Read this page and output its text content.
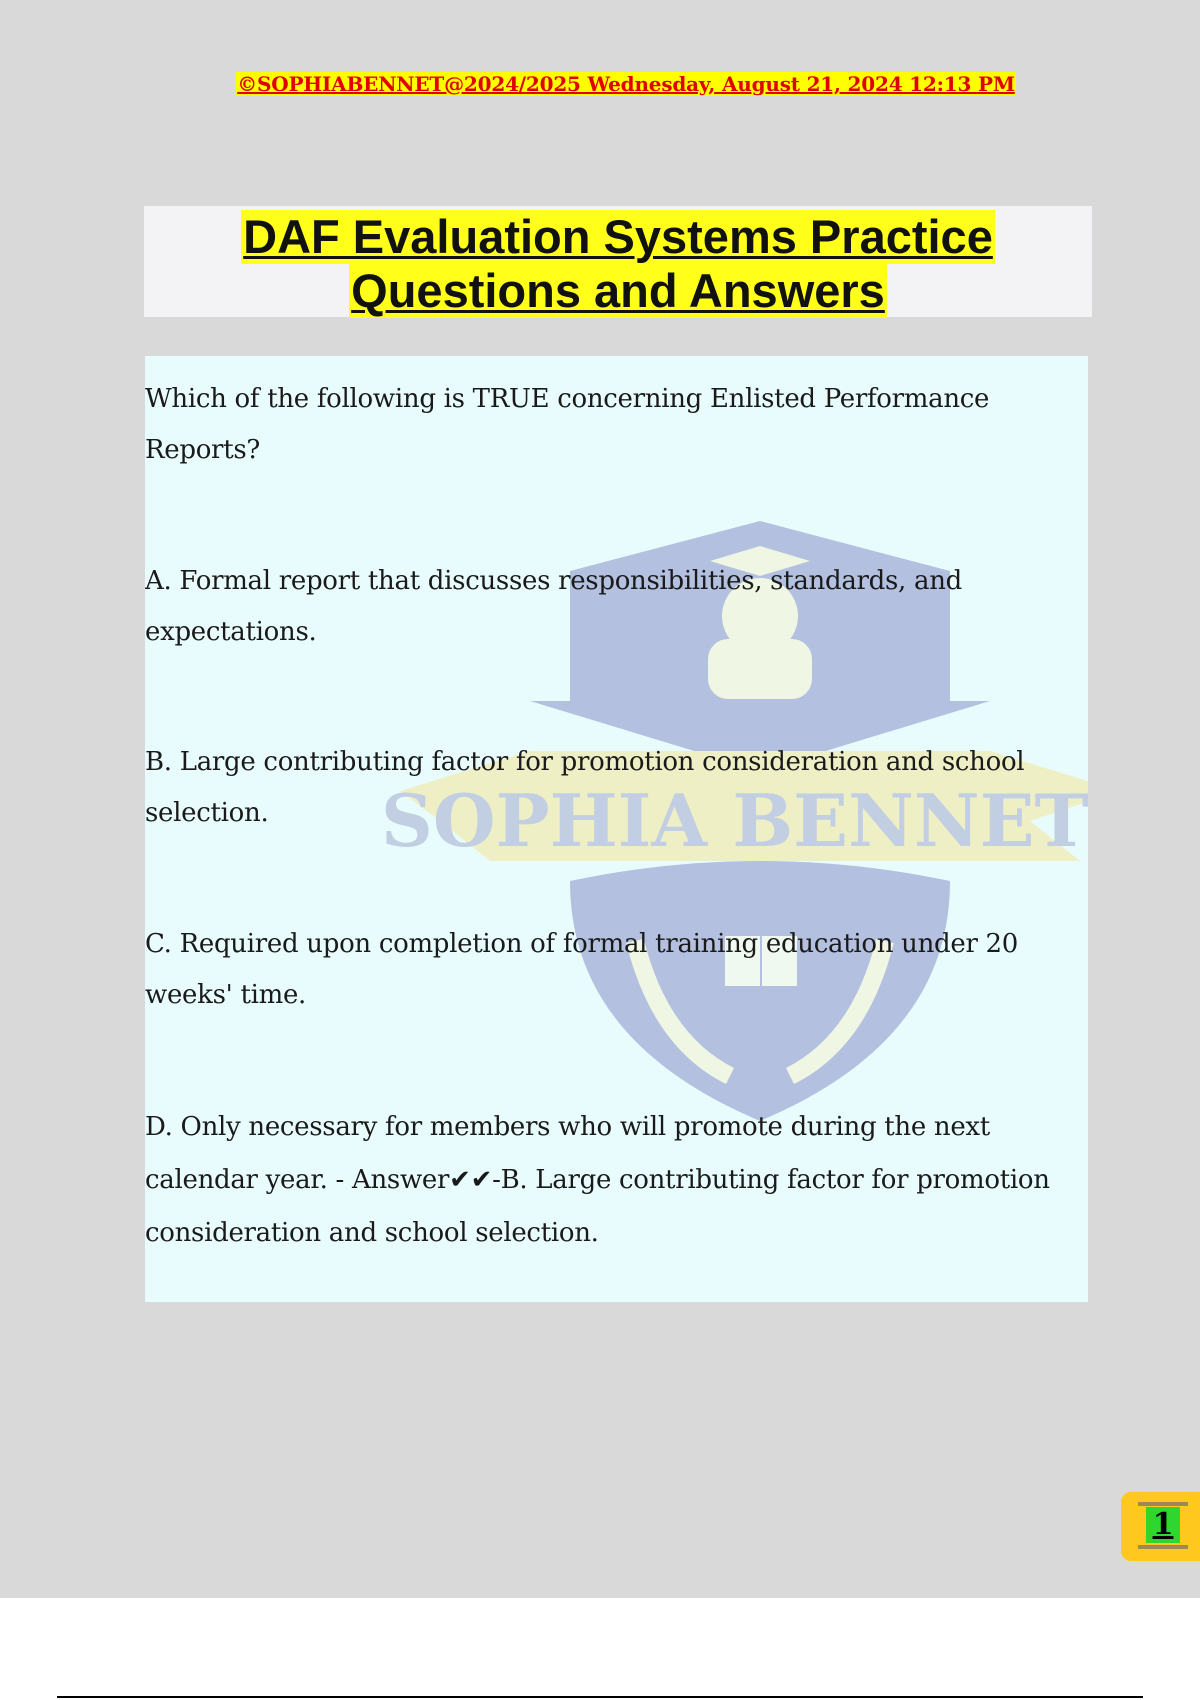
©SOPHIABENNET@2024/2025 Wednesday, August 21, 2024 12:13 PM
DAF Evaluation Systems Practice
Questions and Answers
SOPHIA BENNETT
Which of the following is TRUE concerning Enlisted Performance Reports?
A. Formal report that discusses responsibilities, standards, and expectations.
B. Large contributing factor for promotion consideration and school selection.
C. Required upon completion of formal training education under 20 weeks' time.
D. Only necessary for members who will promote during the next calendar year. - Answer✔✔-B. Large contributing factor for promotion consideration and school selection.
1
